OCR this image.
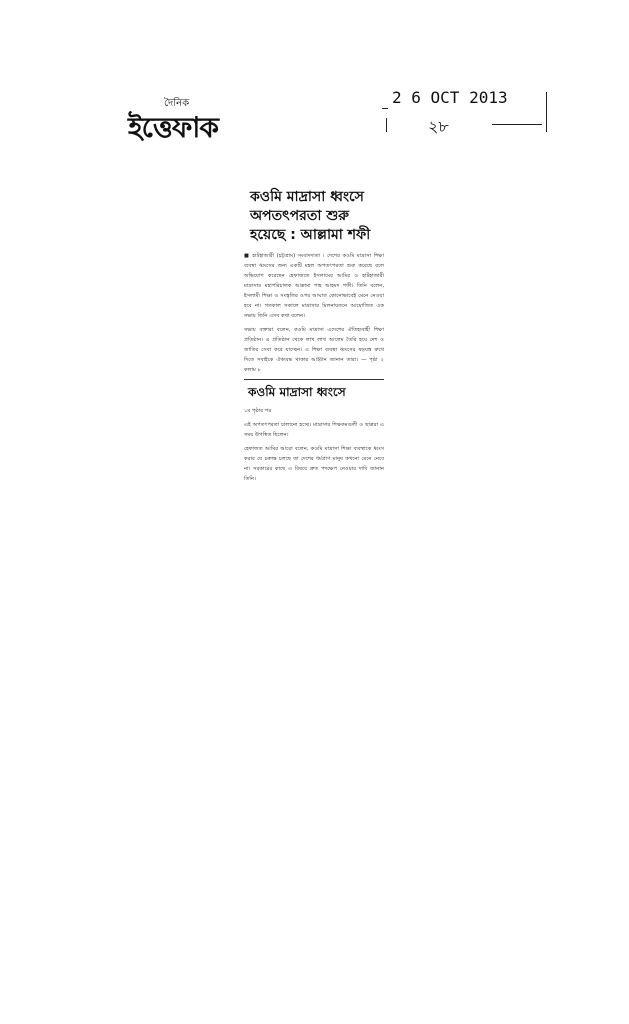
দৈনিক
ইত্তেফাক
2 6 OCT 2013
২৮
কওমি মাদ্রাসা ধ্বংসে
অপতৎপরতা শুরু
হয়েছে : আল্লামা শফী

■ হাটহাজারী (চট্টগ্রাম) সংবাদদাতা । দেশের কওমি মাদ্রাসা শিক্ষা ব্যবস্থা ধ্বংসের জন্য একটি মহল অপতৎপরতা শুরু করেছে বলে অভিযোগ করেছেন হেফাজতে ইসলামের আমির ও হাটহাজারী মাদ্রাসার মহাপরিচালক আল্লামা শাহ আহমদ শফী। তিনি বলেন, ইসলামী শিক্ষা ও সংস্কৃতির ওপর আঘাত কোনোভাবেই মেনে নেওয়া হবে না। গতকাল সকালে মাদ্রাসার মিলনায়তনে আয়োজিত এক সভায় তিনি এসব কথা বলেন।

সভায় বক্তারা বলেন, কওমি মাদ্রাসা এদেশের ঐতিহ্যবাহী শিক্ষা প্রতিষ্ঠান। এ প্রতিষ্ঠান থেকে লাখ লাখ আলেম তৈরি হয়ে দেশ ও জাতির সেবা করে যাচ্ছেন। এ শিক্ষা ব্যবস্থা ধ্বংসের ষড়যন্ত্র রুখে দিতে সবাইকে ঐক্যবদ্ধ থাকার আহ্বান জানান তারা। — পৃষ্ঠা ২ কলাম ৮

কওমি মাদ্রাসা ধ্বংসে

১ম পৃষ্ঠার পর

এই অপতৎপরতা চালানো হচ্ছে। মাদ্রাসার শিক্ষকমণ্ডলী ও ছাত্ররা এ সময় উপস্থিত ছিলেন।

হেফাজত আমির আরো বলেন, কওমি মাদ্রাসা শিক্ষা ব্যবস্থাকে ধ্বংস করার যে চক্রান্ত চলছে তা দেশের ধর্মপ্রাণ মানুষ কখনো মেনে নেবে না। সরকারের কাছে এ বিষয়ে দ্রুত পদক্ষেপ নেওয়ার দাবি জানান তিনি।
